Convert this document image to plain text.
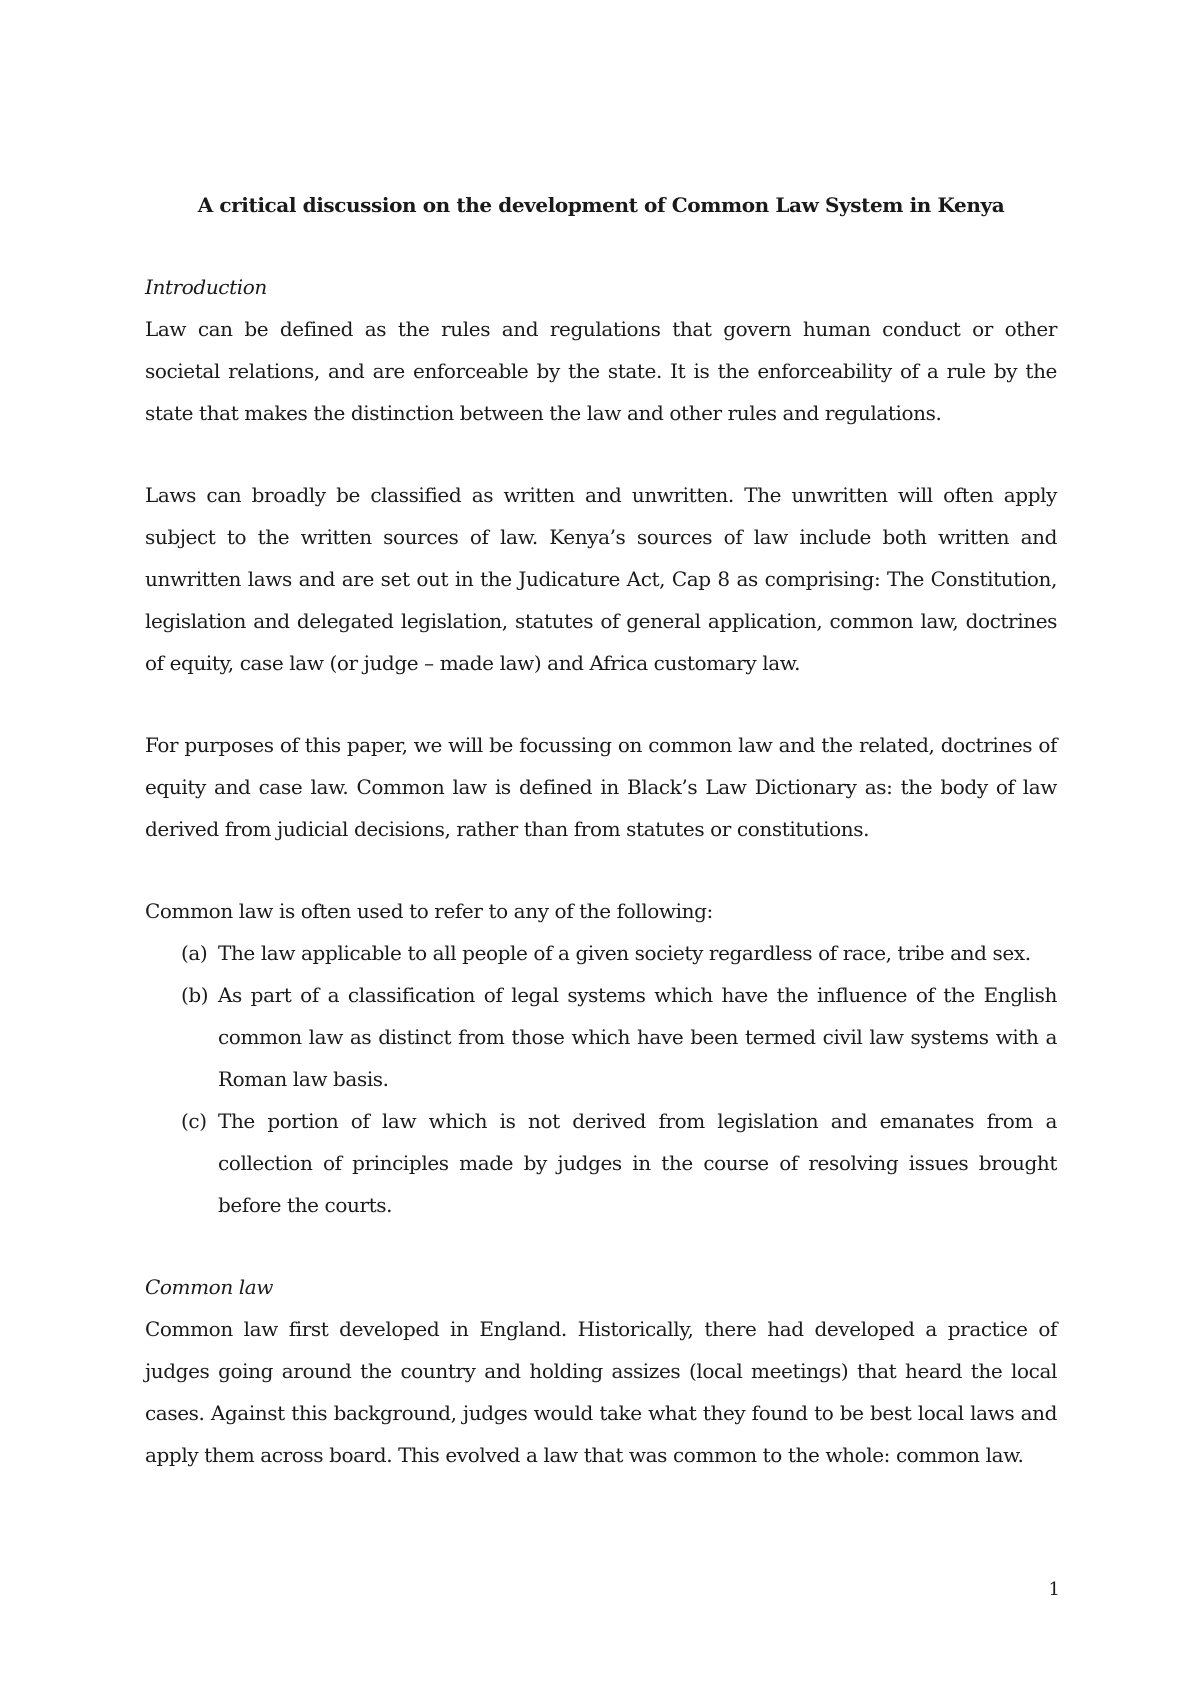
A critical discussion on the development of Common Law System in Kenya

Introduction

Law can be defined as the rules and regulations that govern human conduct or other societal relations, and are enforceable by the state. It is the enforceability of a rule by the state that makes the distinction between the law and other rules and regulations.

Laws can broadly be classified as written and unwritten. The unwritten will often apply subject to the written sources of law. Kenya’s sources of law include both written and unwritten laws and are set out in the Judicature Act, Cap 8 as comprising: The Constitution, legislation and delegated legislation, statutes of general application, common law, doctrines of equity, case law (or judge – made law) and Africa customary law.

For purposes of this paper, we will be focussing on common law and the related, doctrines of equity and case law. Common law is defined in Black’s Law Dictionary as: the body of law derived from judicial decisions, rather than from statutes or constitutions.

Common law is often used to refer to any of the following:

(a) The law applicable to all people of a given society regardless of race, tribe and sex.
(b) As part of a classification of legal systems which have the influence of the English common law as distinct from those which have been termed civil law systems with a Roman law basis.
(c) The portion of law which is not derived from legislation and emanates from a collection of principles made by judges in the course of resolving issues brought before the courts.

Common law

Common law first developed in England. Historically, there had developed a practice of judges going around the country and holding assizes (local meetings) that heard the local cases. Against this background, judges would take what they found to be best local laws and apply them across board. This evolved a law that was common to the whole: common law.

1
